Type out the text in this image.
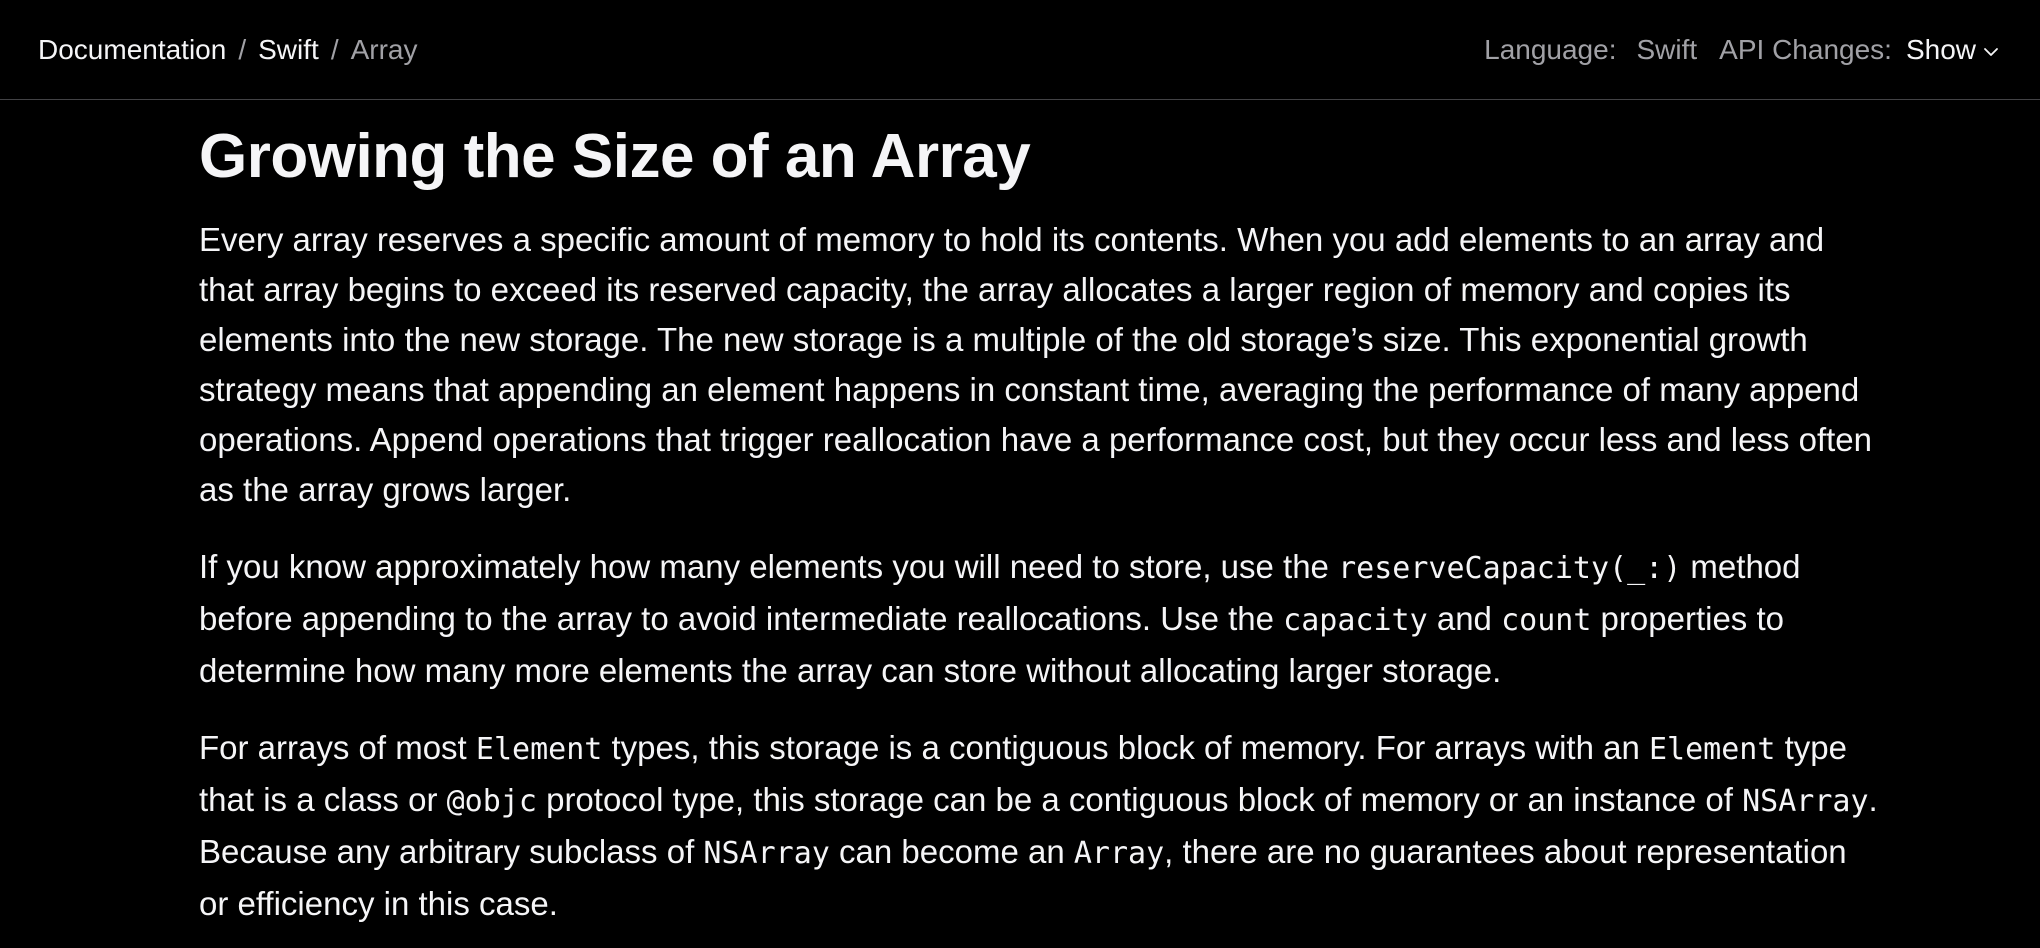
Documentation / Swift / Array	Language: Swift API Changes: Show
Growing the Size of an Array

Every array reserves a specific amount of memory to hold its contents. When you add elements to an array and that array begins to exceed its reserved capacity, the array allocates a larger region of memory and copies its elements into the new storage. The new storage is a multiple of the old storage’s size. This exponential growth strategy means that appending an element happens in constant time, averaging the performance of many append operations. Append operations that trigger reallocation have a performance cost, but they occur less and less often as the array grows larger.

If you know approximately how many elements you will need to store, use the reserveCapacity(_:) method before appending to the array to avoid intermediate reallocations. Use the capacity and count properties to determine how many more elements the array can store without allocating larger storage.

For arrays of most Element types, this storage is a contiguous block of memory. For arrays with an Element type that is a class or @objc protocol type, this storage can be a contiguous block of memory or an instance of NSArray. Because any arbitrary subclass of NSArray can become an Array, there are no guarantees about representation or efficiency in this case.
